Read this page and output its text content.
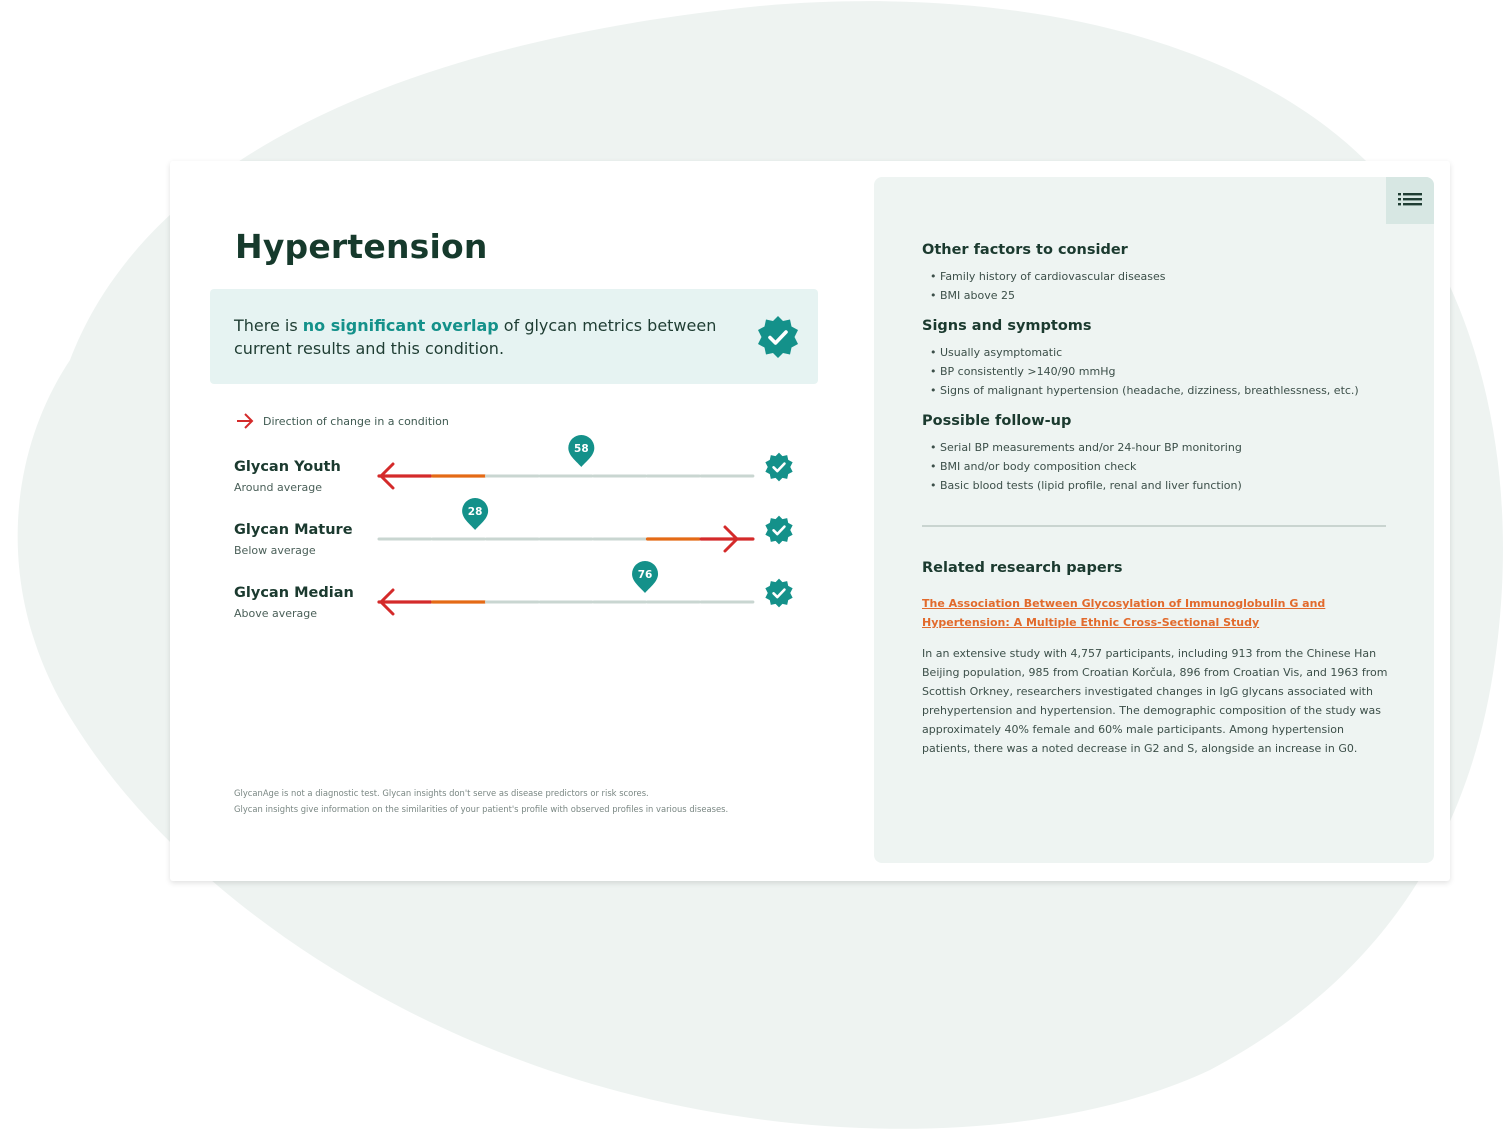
Hypertension

There is no significant overlap of glycan metrics between current results and this condition.

Direction of change in a condition
Glycan Youth
Around average
58
Glycan Mature
Below average
28
Glycan Median
Above average
76
GlycanAge is not a diagnostic test. Glycan insights don't serve as disease predictors or risk scores.
Glycan insights give information on the similarities of your patient's profile with observed profiles in various diseases.
Other factors to consider
• Family history of cardiovascular diseases
• BMI above 25
Signs and symptoms
• Usually asymptomatic
• BP consistently >140/90 mmHg
• Signs of malignant hypertension (headache, dizziness, breathlessness, etc.)
Possible follow-up
• Serial BP measurements and/or 24-hour BP monitoring
• BMI and/or body composition check
• Basic blood tests (lipid profile, renal and liver function)
Related research papers
The Association Between Glycosylation of Immunoglobulin G and Hypertension: A Multiple Ethnic Cross-Sectional Study

In an extensive study with 4,757 participants, including 913 from the Chinese Han Beijing population, 985 from Croatian Korčula, 896 from Croatian Vis, and 1963 from Scottish Orkney, researchers investigated changes in IgG glycans associated with prehypertension and hypertension. The demographic composition of the study was approximately 40% female and 60% male participants. Among hypertension patients, there was a noted decrease in G2 and S, alongside an increase in G0.
